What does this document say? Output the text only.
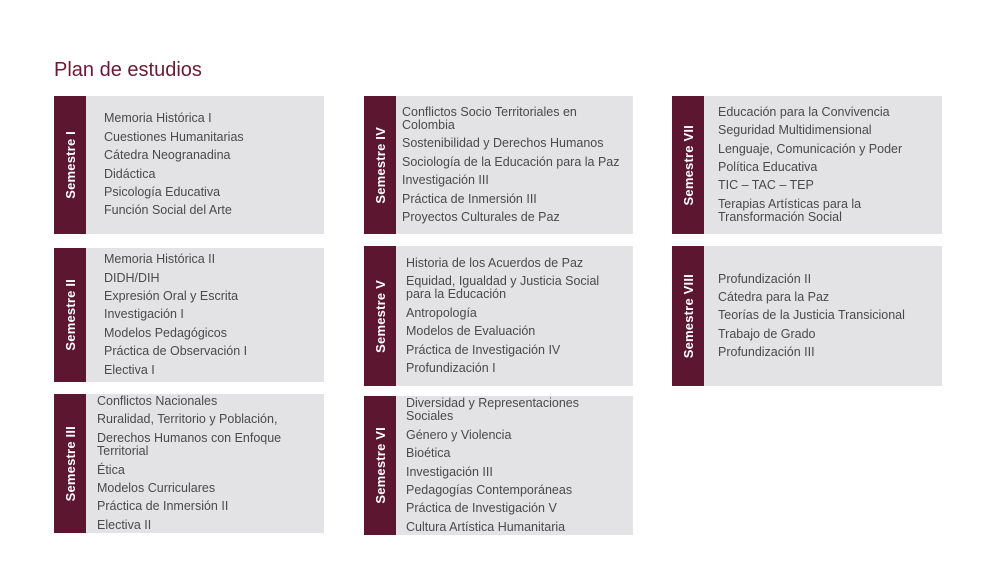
Plan de estudios
Semestre I
Memoria Histórica I
Cuestiones Humanitarias
Cátedra Neogranadina
Didáctica
Psicología Educativa
Función Social del Arte
Semestre II
Memoria Histórica II
DIDH/DIH
Expresión Oral y Escrita
Investigación I
Modelos Pedagógicos
Práctica de Observación I
Electiva I
Semestre III
Conflictos Nacionales
Ruralidad, Territorio y Población,
Derechos Humanos con Enfoque Territorial
Ética
Modelos Curriculares
Práctica de Inmersión II
Electiva II
Semestre IV
Conflictos Socio Territoriales en Colombia
Sostenibilidad y Derechos Humanos
Sociología de la Educación para la Paz
Investigación III
Práctica de Inmersión III
Proyectos Culturales de Paz
Semestre V
Historia de los Acuerdos de Paz
Equidad, Igualdad y Justicia Social para la Educación
Antropología
Modelos de Evaluación
Práctica de Investigación IV
Profundización I
Semestre VI
Diversidad y Representaciones Sociales
Género y Violencia
Bioética
Investigación III
Pedagogías Contemporáneas
Práctica de Investigación V
Cultura Artística Humanitaria
Semestre VII
Educación para la Convivencia
Seguridad Multidimensional
Lenguaje, Comunicación y Poder
Política Educativa
TIC – TAC – TEP
Terapias Artísticas para la Transformación Social
Semestre VIII Profundización II
Cátedra para la Paz
Teorías de la Justicia Transicional
Trabajo de Grado
Profundización III
